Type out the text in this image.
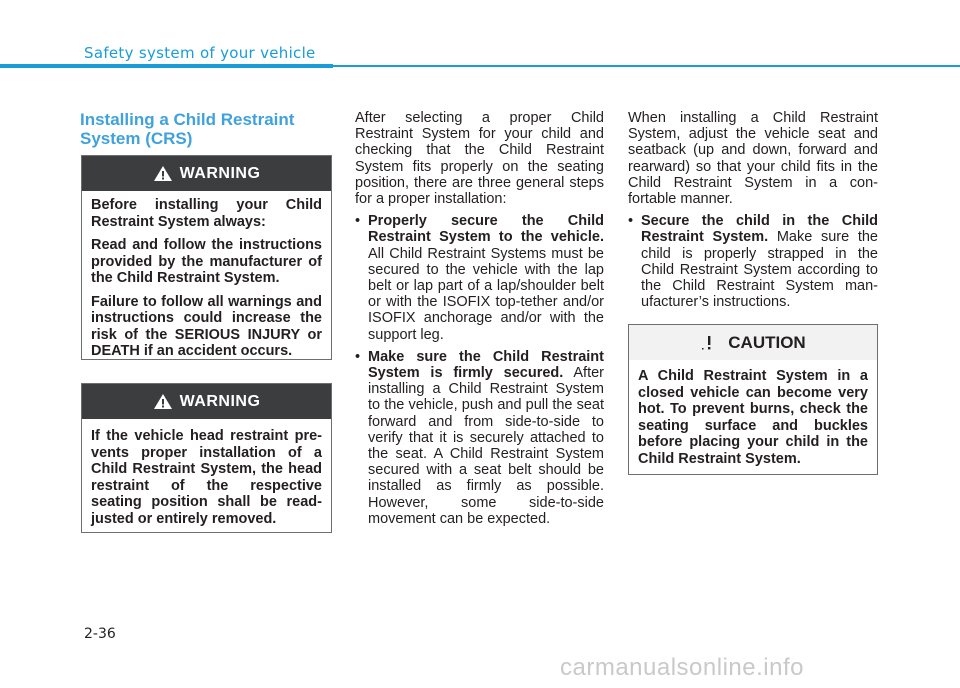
Safety system of your vehicle
Installing a Child Restraint System (CRS)
WARNING

Before installing your Child Restraint System always:

Read and follow the instructions provided by the manufacturer of the Child Restraint System.

Failure to follow all warnings and instructions could increase the risk of the SERIOUS INJURY or DEATH if an accident occurs.

WARNING

If the vehicle head restraint pre-vents proper installation of a Child Restraint System, the head restraint of the respective seating position shall be read-justed or entirely removed.

After selecting a proper Child Restraint System for your child and checking that the Child Restraint System fits properly on the seating position, there are three general steps for a proper installation:

• Properly secure the Child Restraint System to the vehicle. All Child Restraint Systems must be secured to the vehicle with the lap belt or lap part of a lap/shoulder belt or with the ISOFIX top-tether and/or ISOFIX anchorage and/or with the support leg.
• Make sure the Child Restraint System is firmly secured. After installing a Child Restraint System to the vehicle, push and pull the seat forward and from side-to-side to verify that it is securely attached to the seat. A Child Restraint System secured with a seat belt should be installed as firmly as possible. However, some side-to-side movement can be expected.

When installing a Child Restraint System, adjust the vehicle seat and seatback (up and down, forward and rearward) so that your child fits in the Child Restraint System in a con-fortable manner.

• Secure the child in the Child Restraint System. Make sure the child is properly strapped in the Child Restraint System according to the Child Restraint System man-ufacturer’s instructions.
CAUTION

A Child Restraint System in a closed vehicle can become very hot. To prevent burns, check the seating surface and buckles before placing your child in the Child Restraint System.

2-36
carmanualsonline.info
